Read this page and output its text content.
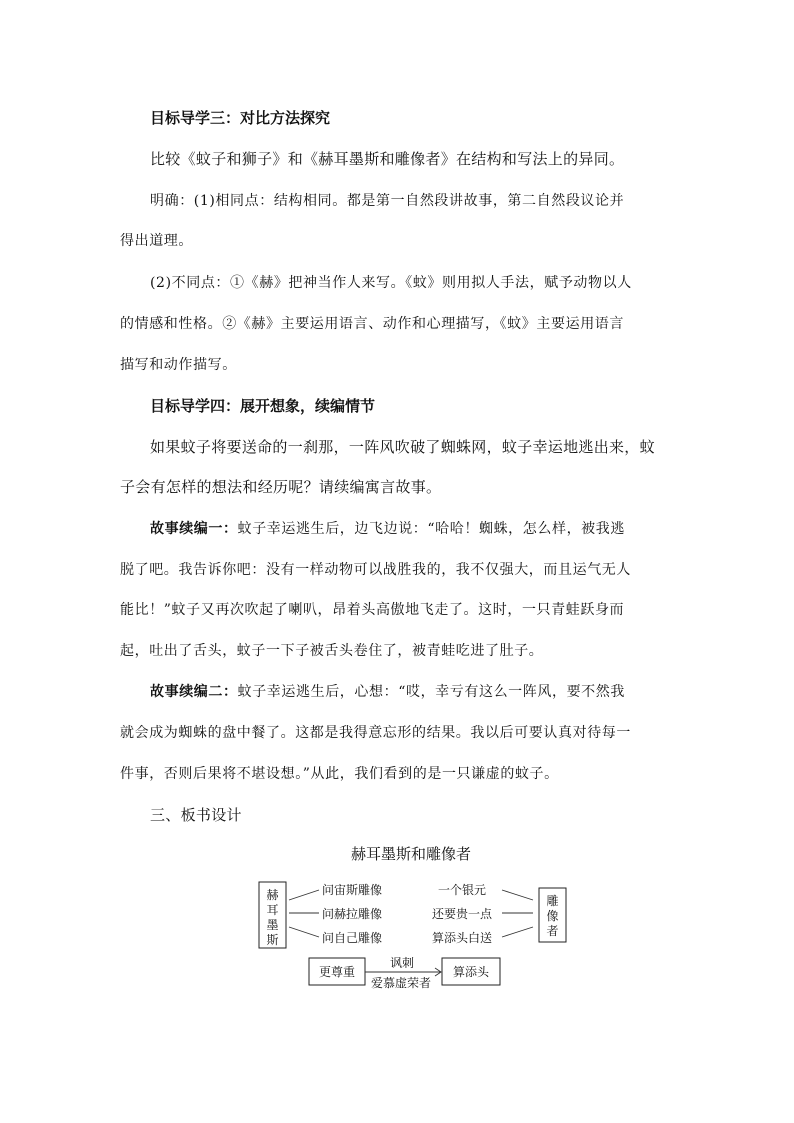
目标导学三：对比方法探究
比较《蚊子和狮子》和《赫耳墨斯和雕像者》在结构和写法上的异同。
明确：(1)相同点：结构相同。都是第一自然段讲故事，第二自然段议论并
得出道理。
(2)不同点：①《赫》把神当作人来写。《蚊》则用拟人手法，赋予动物以人
的情感和性格。②《赫》主要运用语言、动作和心理描写，《蚊》主要运用语言
描写和动作描写。
目标导学四：展开想象，续编情节
如果蚊子将要送命的一刹那，一阵风吹破了蜘蛛网，蚊子幸运地逃出来，蚊
子会有怎样的想法和经历呢？请续编寓言故事。
故事续编一：蚊子幸运逃生后，边飞边说：“哈哈！蜘蛛，怎么样，被我逃
脱了吧。我告诉你吧：没有一样动物可以战胜我的，我不仅强大，而且运气无人
能比！”蚊子又再次吹起了喇叭，昂着头高傲地飞走了。这时，一只青蛙跃身而
起，吐出了舌头，蚊子一下子被舌头卷住了，被青蛙吃进了肚子。
故事续编二：蚊子幸运逃生后，心想：“哎，幸亏有这么一阵风，要不然我
就会成为蜘蛛的盘中餐了。这都是我得意忘形的结果。我以后可要认真对待每一
件事，否则后果将不堪设想。”从此，我们看到的是一只谦虚的蚊子。
三、板书设计
赫耳墨斯和雕像者
赫
耳
墨
斯
问宙斯雕像
问赫拉雕像
问自己雕像
一个银元
还要贵一点
算添头白送
雕
像
者
更尊重
讽刺
爱慕虚荣者
算添头
